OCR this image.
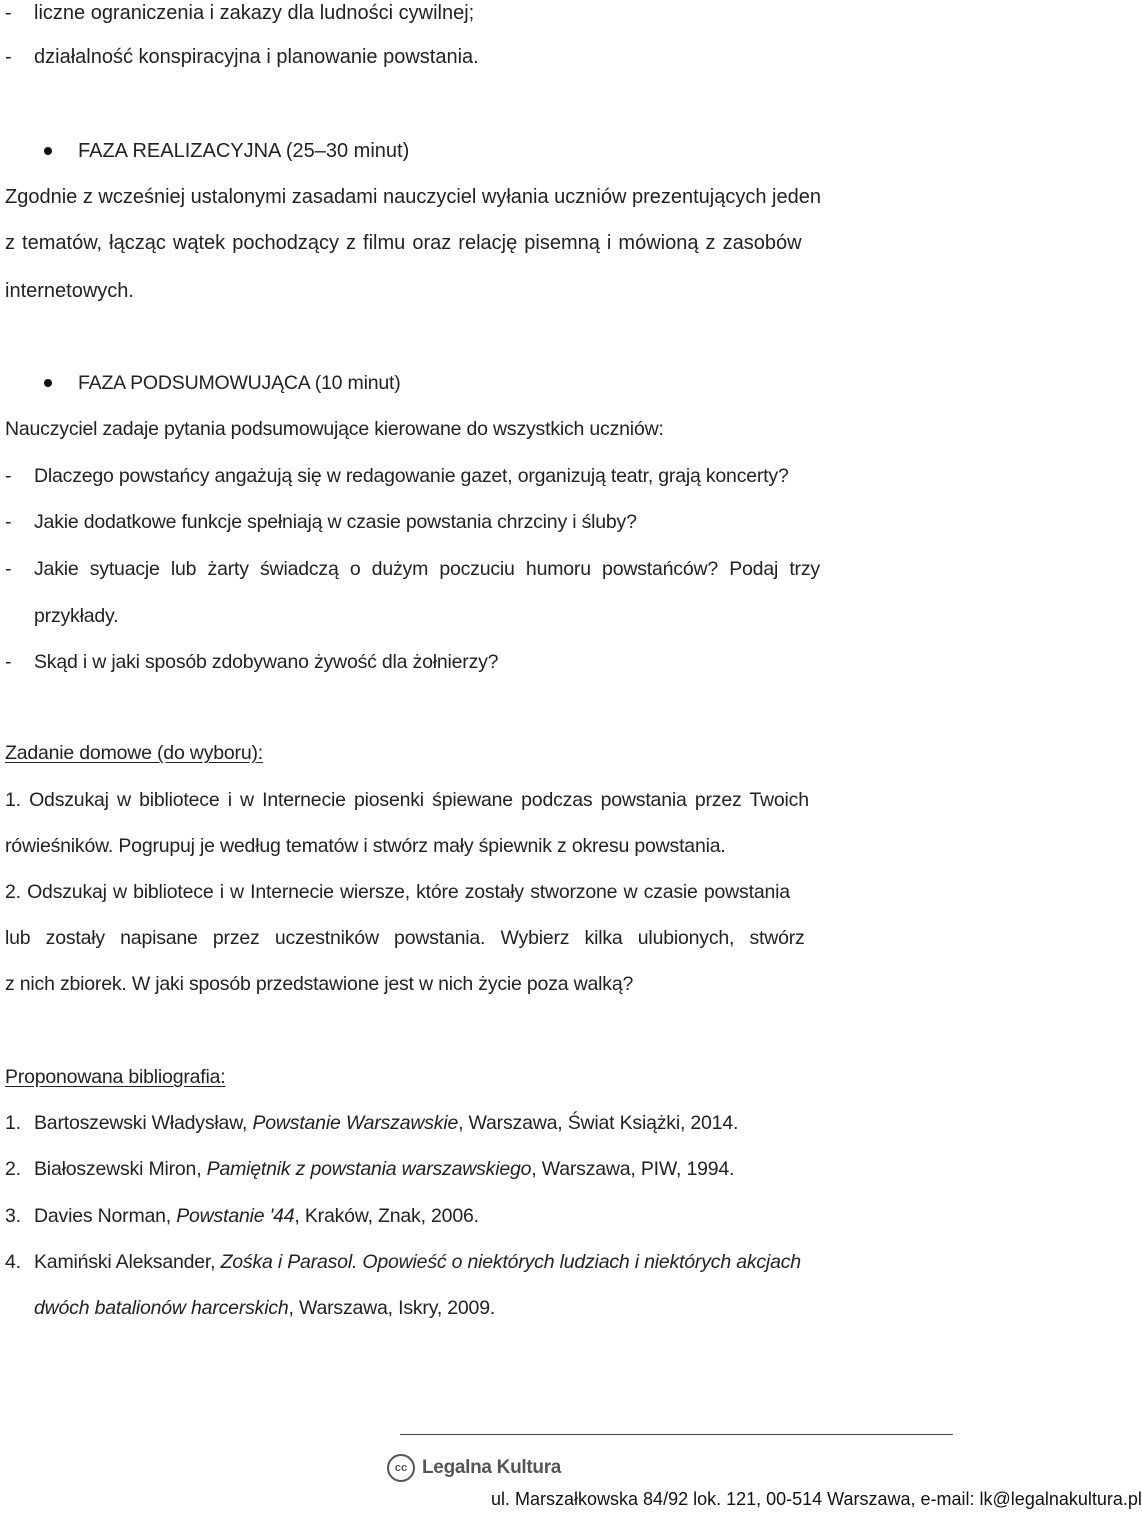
- liczne ograniczenia i zakazy dla ludności cywilnej;
- działalność konspiracyjna i planowanie powstania.
FAZA REALIZACYJNA (25–30 minut)
Zgodnie z wcześniej ustalonymi zasadami nauczyciel wyłania uczniów prezentujących jeden
z tematów, łącząc wątek pochodzący z filmu oraz relację pisemną i mówioną z zasobów
internetowych.
FAZA PODSUMOWUJĄCA (10 minut)
Nauczyciel zadaje pytania podsumowujące kierowane do wszystkich uczniów:
- Dlaczego powstańcy angażują się w redagowanie gazet, organizują teatr, grają koncerty?
- Jakie dodatkowe funkcje spełniają w czasie powstania chrzciny i śluby?
- Jakie sytuacje lub żarty świadczą o dużym poczuciu humoru powstańców? Podaj trzy
przykłady.
- Skąd i w jaki sposób zdobywano żywość dla żołnierzy?
Zadanie domowe (do wyboru):
1. Odszukaj w bibliotece i w Internecie piosenki śpiewane podczas powstania przez Twoich
rówieśników. Pogrupuj je według tematów i stwórz mały śpiewnik z okresu powstania.
2. Odszukaj w bibliotece i w Internecie wiersze, które zostały stworzone w czasie powstania
lub zostały napisane przez uczestników powstania. Wybierz kilka ulubionych, stwórz
z nich zbiorek. W jaki sposób przedstawione jest w nich życie poza walką?
Proponowana bibliografia:
1. Bartoszewski Władysław, Powstanie Warszawskie, Warszawa, Świat Książki, 2014.
2. Białoszewski Miron, Pamiętnik z powstania warszawskiego, Warszawa, PIW, 1994.
3. Davies Norman, Powstanie '44, Kraków, Znak, 2006.
4. Kamiński Aleksander, Zośka i Parasol. Opowieść o niektórych ludziach i niektórych akcjach
dwóch batalionów harcerskich, Warszawa, Iskry, 2009.
cc Legalna Kultura
ul. Marszałkowska 84/92 lok. 121, 00-514 Warszawa, e-mail: lk@legalnakultura.pl
